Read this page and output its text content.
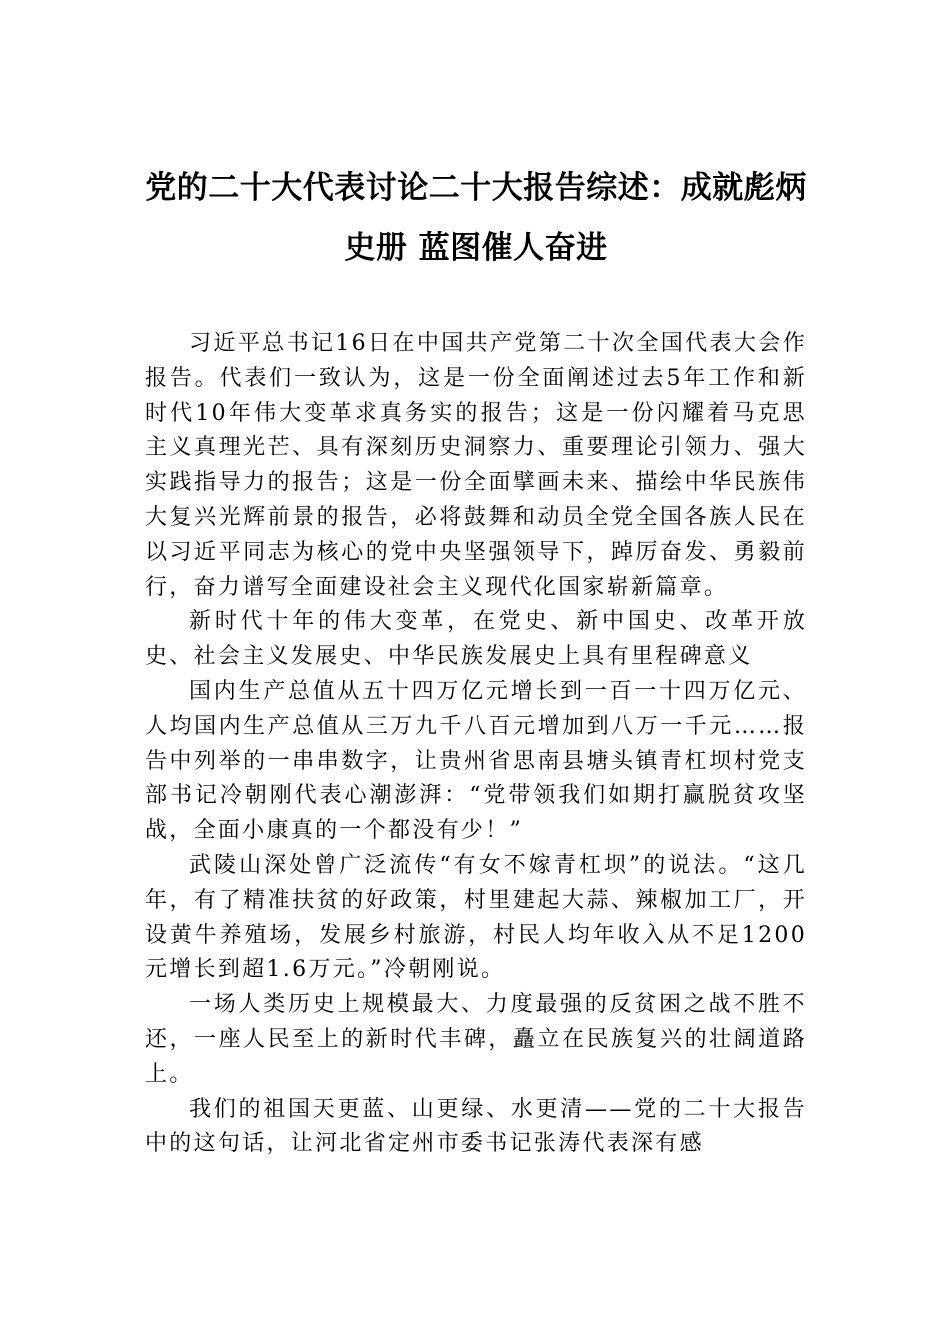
党的二十大代表讨论二十大报告综述：成就彪炳史册 蓝图催人奋进

习近平总书记16日在中国共产党第二十次全国代表大会作报告。代表们一致认为，这是一份全面阐述过去5年工作和新时代10年伟大变革求真务实的报告；这是一份闪耀着马克思主义真理光芒、具有深刻历史洞察力、重要理论引领力、强大实践指导力的报告；这是一份全面擘画未来、描绘中华民族伟大复兴光辉前景的报告，必将鼓舞和动员全党全国各族人民在以习近平同志为核心的党中央坚强领导下，踔厉奋发、勇毅前行，奋力谱写全面建设社会主义现代化国家崭新篇章。

新时代十年的伟大变革，在党史、新中国史、改革开放史、社会主义发展史、中华民族发展史上具有里程碑意义

国内生产总值从五十四万亿元增长到一百一十四万亿元、人均国内生产总值从三万九千八百元增加到八万一千元……报告中列举的一串串数字，让贵州省思南县塘头镇青杠坝村党支部书记冷朝刚代表心潮澎湃：“党带领我们如期打赢脱贫攻坚战，全面小康真的一个都没有少！”

武陵山深处曾广泛流传“有女不嫁青杠坝”的说法。“这几年，有了精准扶贫的好政策，村里建起大蒜、辣椒加工厂，开设黄牛养殖场，发展乡村旅游，村民人均年收入从不足1200元增长到超1.6万元。”冷朝刚说。

一场人类历史上规模最大、力度最强的反贫困之战不胜不还，一座人民至上的新时代丰碑，矗立在民族复兴的壮阔道路上。

我们的祖国天更蓝、山更绿、水更清——党的二十大报告中的这句话，让河北省定州市委书记张涛代表深有感
